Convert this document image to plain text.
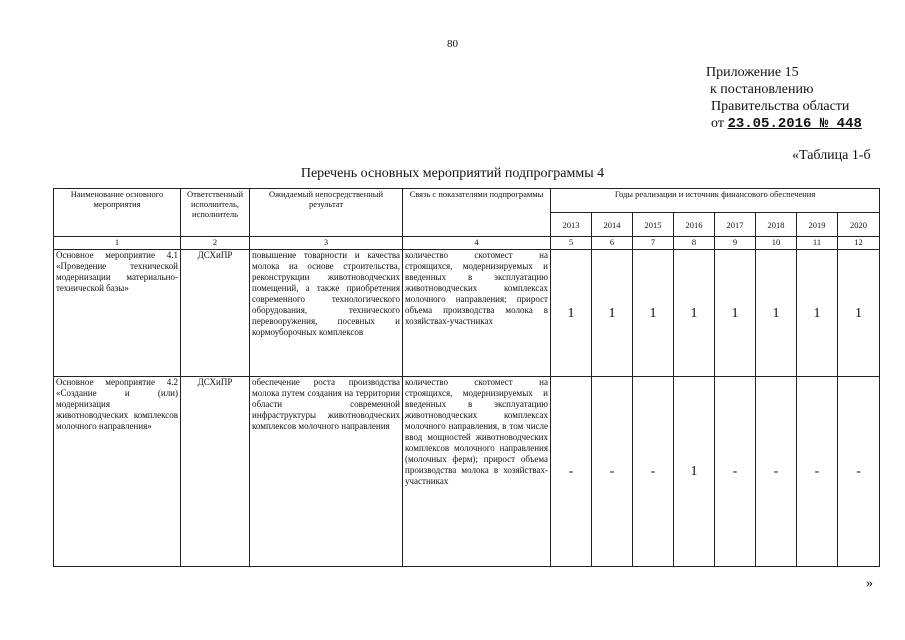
80
Приложение 15
к постановлению
Правительства области
от 23.05.2016 № 448
«Таблица 1-б
Перечень основных мероприятий подпрограммы 4
Наименование основного мероприятия	Ответственный исполнитель, исполнитель	Ожидаемый непосредственный результат	Связь с показателями подпрограммы	Годы реализации и источник финансового обеспечения							
				2013	2014	2015	2016	2017	2018	2019	2020
1	2	3	4	5	6	7	8	9	10	11	12
Основное мероприятие 4.1 «Проведение технической модернизации материально-технической базы»	ДСХиПР	повышение товарности и качества молока на основе строительства, реконструкции животноводческих помещений, а также приобретения современного технологического оборудования, технического перевооружения, посевных и кормоуборочных комплексов	количество скотомест на строящихся, модернизируемых и введенных в эксплуатацию животноводческих комплексах молочного направления; прирост объема производства молока в хозяйствах-участниках	1	1	1	1	1	1	1	1
Основное мероприятие 4.2 «Создание и (или) модернизация животноводческих комплексов молочного направления»	ДСХиПР	обеспечение роста производства молока путем создания на территории области современной инфраструктуры животноводческих комплексов молочного направления	количество скотомест на строящихся, модернизируемых и введенных в эксплуатацию животноводческих комплексах молочного направления, в том числе ввод мощностей животноводческих комплексов молочного направления (молочных ферм); прирост объема производства молока в хозяйствах-участниках	-	-	-	1	-	-	-	-
»
